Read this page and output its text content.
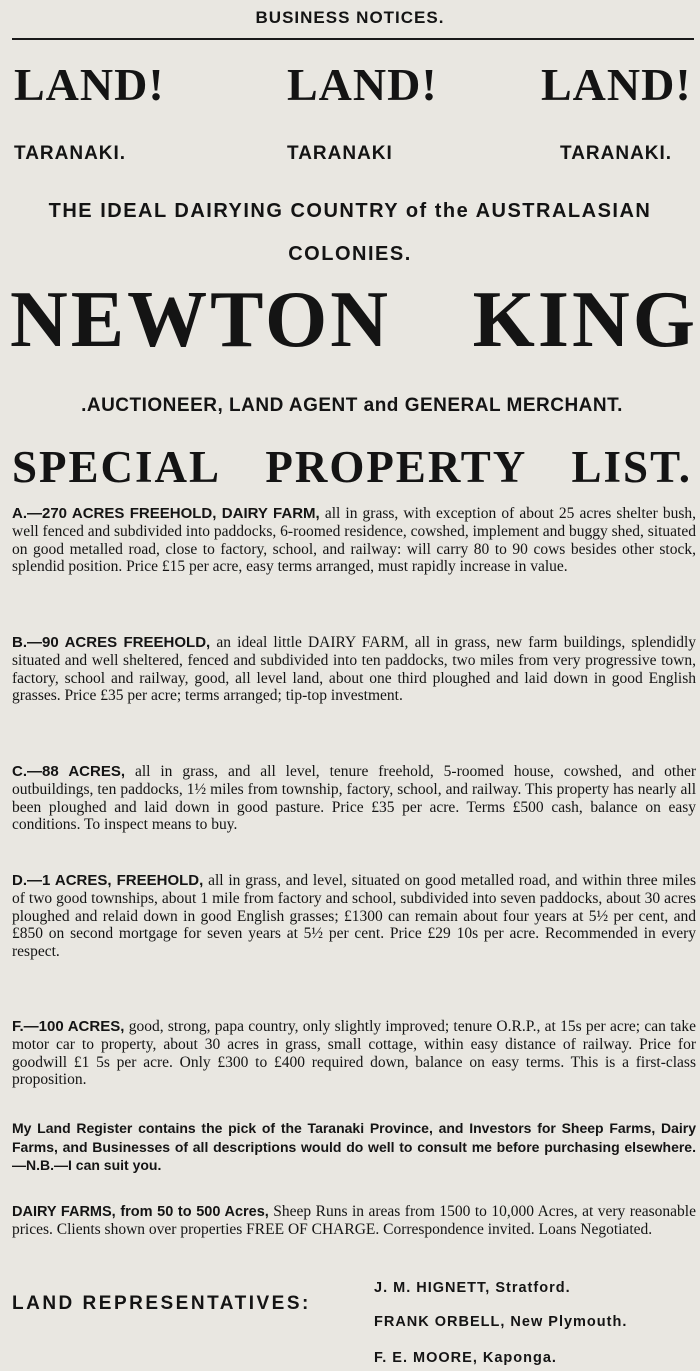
BUSINESS NOTICES.
LAND!	LAND! LAND!
TARANAKI.	TARANAKI	TARANAKI.
THE IDEAL DAIRYING COUNTRY of the AUSTRALASIAN
COLONIES.
NEWTON KING
.AUCTIONEER, LAND AGENT and GENERAL MERCHANT.
SPECIAL PROPERTY LIST.
A.—270 ACRES FREEHOLD, DAIRY FARM, all in grass, with exception of about 25 acres shelter bush, well fenced and subdivided into paddocks, 6-roomed residence, cowshed, implement and buggy shed, situated on good metalled road, close to factory, school, and railway: will carry 80 to 90 cows besides other stock, splendid position. Price £15 per acre, easy terms arranged, must rapidly increase in value.
B.—90 ACRES FREEHOLD, an ideal little DAIRY FARM, all in grass, new farm buildings, splendidly situated and well sheltered, fenced and subdivided into ten paddocks, two miles from very progressive town, factory, school and railway, good, all level land, about one third ploughed and laid down in good English grasses. Price £35 per acre; terms arranged; tip-top investment.
C.—88 ACRES, all in grass, and all level, tenure freehold, 5-roomed house, cowshed, and other outbuildings, ten paddocks, 1½ miles from township, factory, school, and railway. This property has nearly all been ploughed and laid down in good pasture. Price £35 per acre. Terms £500 cash, balance on easy conditions. To inspect means to buy.
D.—1 ACRES, FREEHOLD, all in grass, and level, situated on good metalled road, and within three miles of two good townships, about 1 mile from factory and school, subdivided into seven paddocks, about 30 acres ploughed and relaid down in good English grasses; £1300 can remain about four years at 5½ per cent, and £850 on second mortgage for seven years at 5½ per cent. Price £29 10s per acre. Recommended in every respect.
F.—100 ACRES, good, strong, papa country, only slightly improved; tenure O.R.P., at 15s per acre; can take motor car to property, about 30 acres in grass, small cottage, within easy distance of railway. Price for goodwill £1 5s per acre. Only £300 to £400 required down, balance on easy terms. This is a first-class proposition.
My Land Register contains the pick of the Taranaki Province, and Investors for Sheep Farms, Dairy Farms, and Businesses of all descriptions would do well to consult me before purchasing elsewhere.—N.B.—I can suit you.
DAIRY FARMS, from 50 to 500 Acres, Sheep Runs in areas from 1500 to 10,000 Acres, at very reasonable prices. Clients shown over properties FREE OF CHARGE. Correspondence invited. Loans Negotiated.
LAND REPRESENTATIVES:
J. M. HIGNETT, Stratford.
FRANK ORBELL, New Plymouth.
F. E. MOORE, Kaponga.
